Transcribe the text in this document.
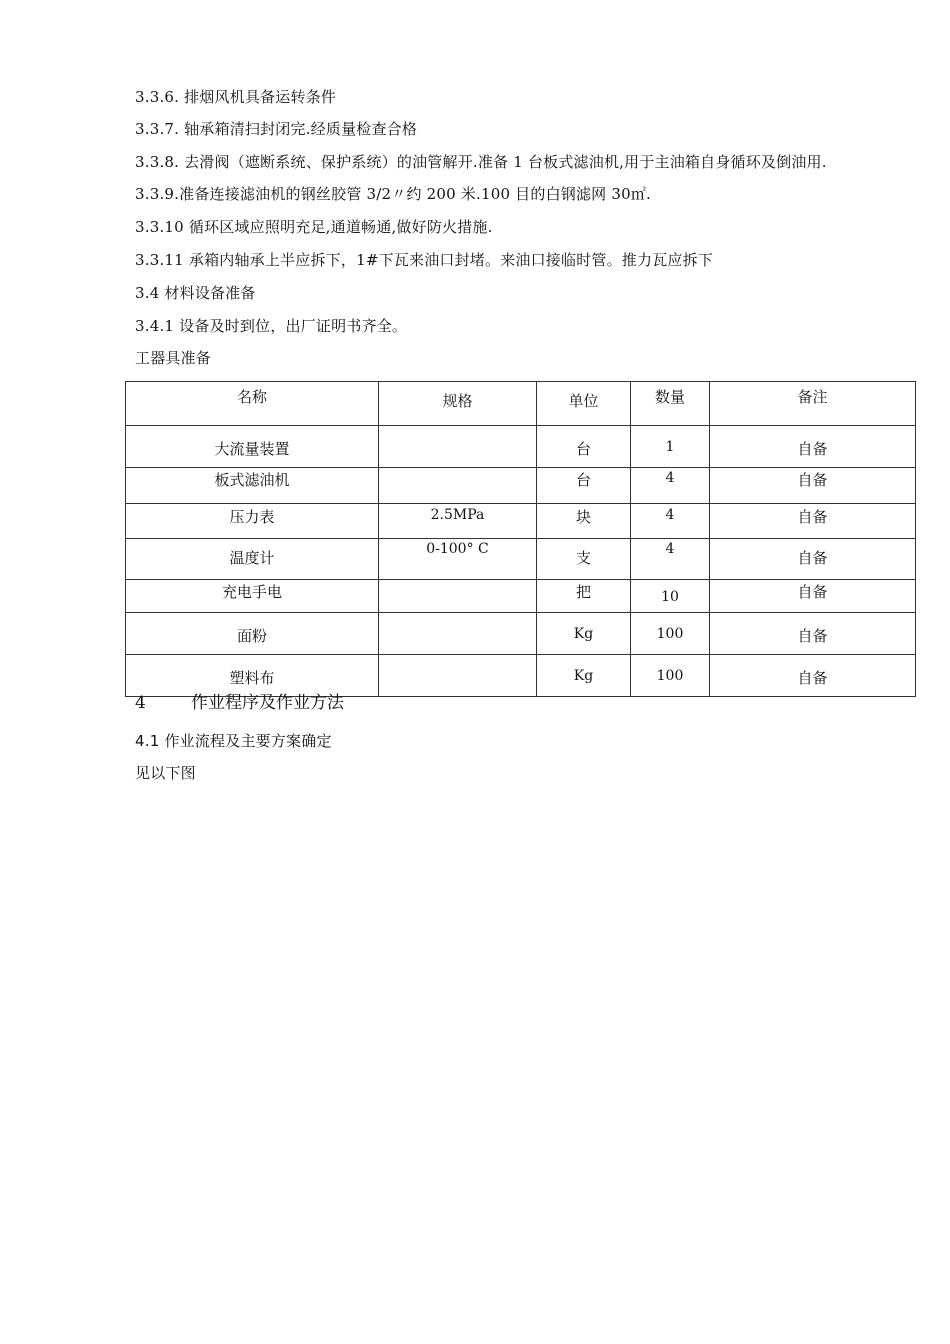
3.3.6. 排烟风机具备运转条件
3.3.7. 轴承箱清扫封闭完.经质量检查合格
3.3.8. 去滑阀（遮断系统、保护系统）的油管解开.准备 1 台板式滤油机,用于主油箱自身循环及倒油用.
3.3.9.准备连接滤油机的钢丝胶管 3/2〃约 200 米.100 目的白钢滤网 30㎡.
3.3.10 循环区域应照明充足,通道畅通,做好防火措施.
3.3.11 承箱内轴承上半应拆下，1#下瓦来油口封堵。来油口接临时管。推力瓦应拆下
3.4 材料设备准备
3.4.1 设备及时到位，出厂证明书齐全。
工器具准备
名称	规格	单位	数量	备注
大流量装置		台	1	自备
板式滤油机		台	4	自备
压力表	2.5MPa	块	4	自备
温度计	0-100° C	支	4	自备
充电手电		把	10	自备
面粉		Kg	100	自备
塑料布		Kg	100	自备
4	作业程序及作业方法
4.1 作业流程及主要方案确定
见以下图
